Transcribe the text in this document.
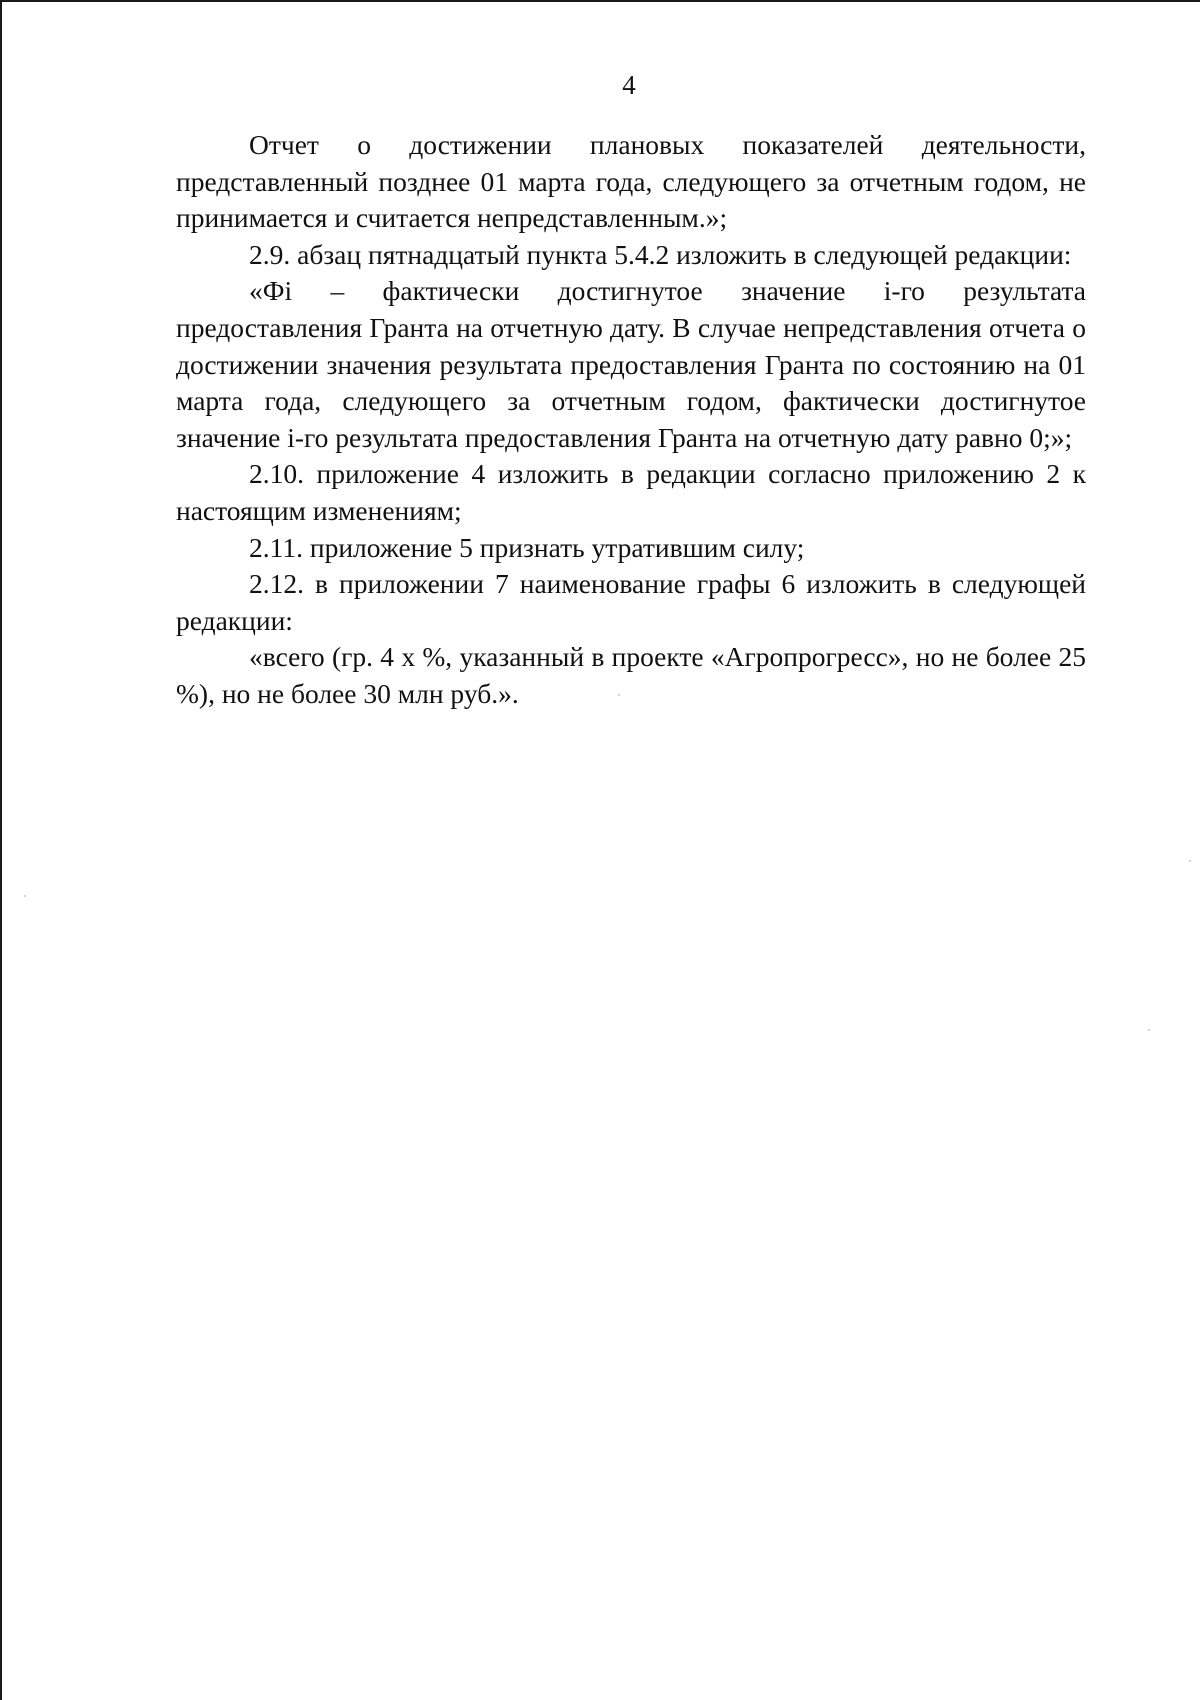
4

Отчет о достижении плановых показателей деятельности, представленный позднее 01 марта года, следующего за отчетным годом, не принимается и считается непредставленным.»;

2.9. абзац пятнадцатый пункта 5.4.2 изложить в следующей редакции:

«Фi – фактически достигнутое значение i-го результата предоставления Гранта на отчетную дату. В случае непредставления отчета о достижении значения результата предоставления Гранта по состоянию на 01 марта года, следующего за отчетным годом, фактически достигнутое значение i-го результата предоставления Гранта на отчетную дату равно 0;»;

2.10. приложение 4 изложить в редакции согласно приложению 2 к настоящим изменениям;

2.11. приложение 5 признать утратившим силу;

2.12. в приложении 7 наименование графы 6 изложить в следующей редакции:

«всего (гр. 4 х %, указанный в проекте «Агропрогресс», но не более 25 %), но не более 30 млн руб.».
